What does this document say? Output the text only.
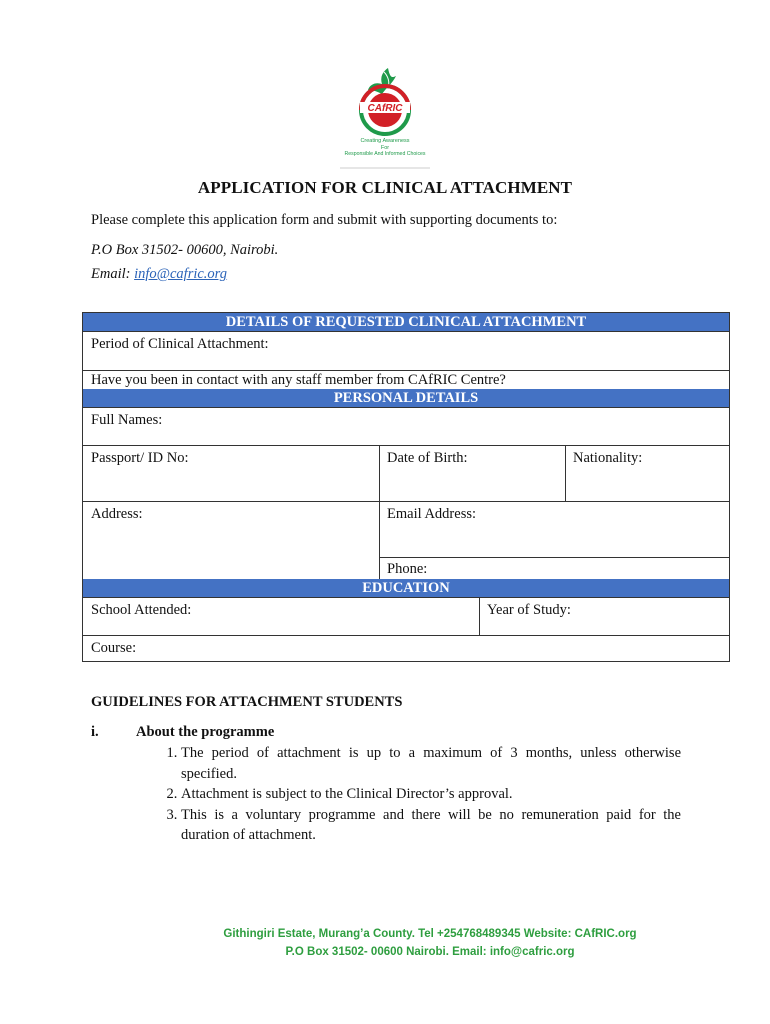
CAfRIC
Creating Awareness
For
Responsible And Informed Choices
APPLICATION FOR CLINICAL ATTACHMENT
Please complete this application form and submit with supporting documents to:
P.O Box 31502- 00600, Nairobi.
Email: info@cafric.org
DETAILS OF REQUESTED CLINICAL ATTACHMENT
Period of Clinical Attachment:
Have you been in contact with any staff member from CAfRIC Centre?
PERSONAL DETAILS
Full Names:
Passport/ ID No:	Date of Birth:	Nationality:
Address:	Email Address:
Phone:
EDUCATION
School Attended:	Year of Study:
Course:
GUIDELINES FOR ATTACHMENT STUDENTS
i.	About the programme
1. The period of attachment is up to a maximum of 3 months, unless otherwise specified.
2. Attachment is subject to the Clinical Director’s approval.
3. This is a voluntary programme and there will be no remuneration paid for the duration of attachment.
Githingiri Estate, Murang’a County. Tel +254768489345 Website: CAfRIC.org
P.O Box 31502- 00600 Nairobi. Email: info@cafric.org
